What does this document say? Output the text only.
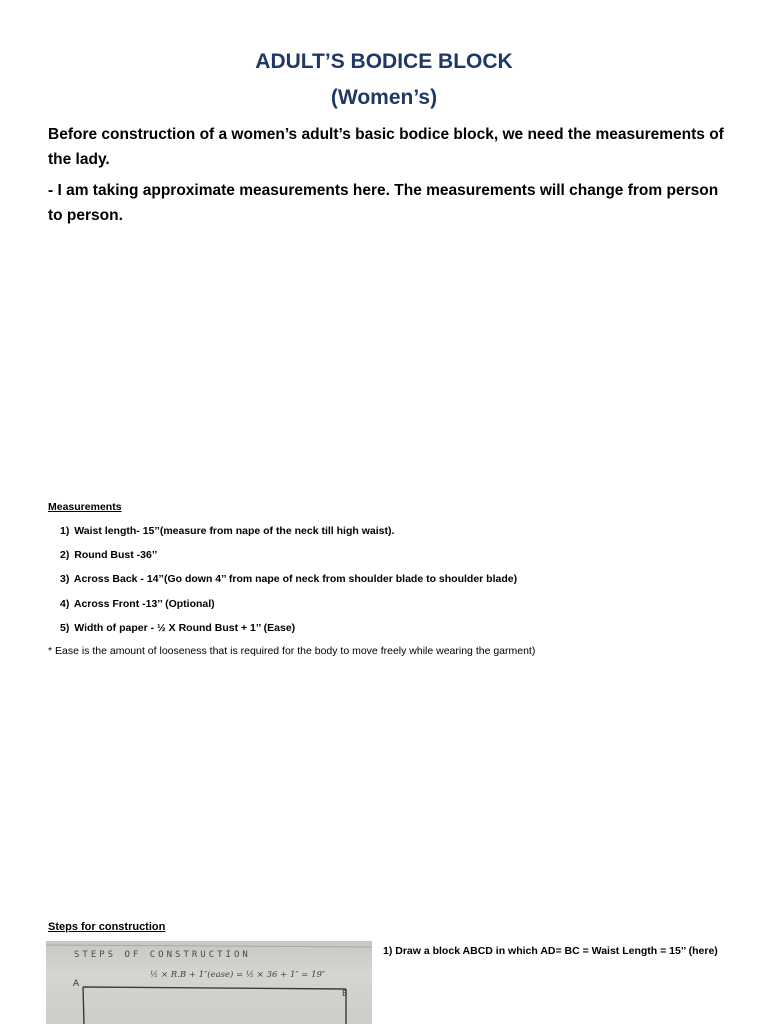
ADULT’S BODICE BLOCK
(Women’s)

Before construction of a women’s adult’s basic bodice block, we need the measurements of the lady.

- I am taking approximate measurements here. The measurements will change from person to person.

Measurements

1) Waist length- 15’’(measure from nape of the neck till high waist).
2) Round Bust -36’’
3) Across Back - 14’’(Go down 4’’ from nape of neck from shoulder blade to shoulder blade)
4) Across Front -13’’ (Optional)
5) Width of paper - ½ X Round Bust + 1’’ (Ease)

* Ease is the amount of looseness that is required for the body to move freely while wearing the garment)

Steps for construction

STEPS OF CONSTRUCTION
½ × R.B + 1″(ease) = ½ × 36 + 1″ = 19″
A
B

1) Draw a block ABCD in which AD= BC = Waist Length = 15’’ (here)
